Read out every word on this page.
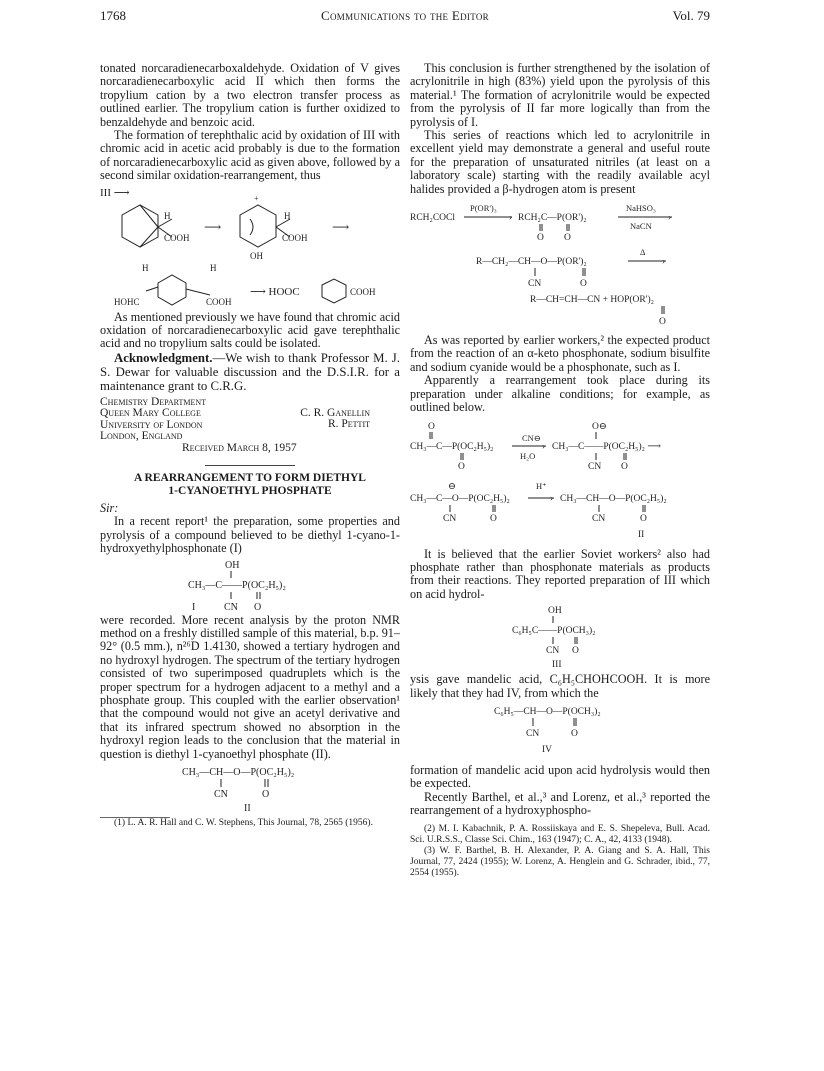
1768	Communications to the Editor	Vol. 79

tonated norcaradienecarboxaldehyde. Oxidation of V gives norcaradienecarboxylic acid II which then forms the tropylium cation by a two electron transfer process as outlined earlier. The tropylium cation is further oxidized to benzaldehyde and benzoic acid.

The formation of terephthalic acid by oxidation of III with chromic acid in acetic acid probably is due to the formation of norcaradienecarboxylic acid as given above, followed by a second similar oxidation-rearrangement, thus

III ⟶
H
COOH
⟶
+
H
COOH
OH
⟶
H	H
HOHC	COOH
⟶ HOOC	COOH

As mentioned previously we have found that chromic acid oxidation of norcaradienecarboxylic acid gave terephthalic acid and no tropylium salts could be isolated.

Acknowledgment.—We wish to thank Professor M. J. S. Dewar for valuable discussion and the D.S.I.R. for a maintenance grant to C.R.G.

Chemistry Department
Queen Mary College
University of London
London, England
C. R. Ganellin
R. Pettit
Received March 8, 1957
A REARRANGEMENT TO FORM DIETHYL
1-CYANOETHYL PHOSPHATE

Sir:

In a recent report¹ the preparation, some properties and pyrolysis of a compound believed to be diethyl 1-cyano-1-hydroxyethylphosphonate (I)

OH
CH₃—C——P(OC₂H₅)₂
I	CN O

were recorded. More recent analysis by the proton NMR method on a freshly distilled sample of this material, b.p. 91–92° (0.5 mm.), n²⁶D 1.4130, showed a tertiary hydrogen and no hydroxyl hydrogen. The spectrum of the tertiary hydrogen consisted of two superimposed quadruplets which is the proper spectrum for a hydrogen adjacent to a methyl and a phosphate group. This coupled with the earlier observation¹ that the compound would not give an acetyl derivative and that its infrared spectrum showed no absorption in the hydroxyl region leads to the conclusion that the material in question is diethyl 1-cyanoethyl phosphate (II).

CH₃—CH—O—P(OC₂H₅)₂
CN	O
II

(1) L. A. R. Hall and C. W. Stephens, This Journal, 78, 2565 (1956).

This conclusion is further strengthened by the isolation of acrylonitrile in high (83%) yield upon the pyrolysis of this material.¹ The formation of acrylonitrile would be expected from the pyrolysis of II far more logically than from the pyrolysis of I.

This series of reactions which led to acrylonitrile in excellent yield may demonstrate a general and useful route for the preparation of unsaturated nitriles (at least on a laboratory scale) starting with the readily available acyl halides provided a β-hydrogen atom is present

RCH₂COCl
P(OR')₃
› RCH₂C—P(OR')₂
O O
NaHSO₃
›
NaCN
R—CH₂—CH—O—P(OR')₂
Δ
›
CN	O
R—CH=CH—CN + HOP(OR')₂
O

As was reported by earlier workers,² the expected product from the reaction of an α-keto phosphonate, sodium bisulfite and sodium cyanide would be a phosphonate, such as I.

Apparently a rearrangement took place during its preparation under alkaline conditions; for example, as outlined below.

O
CH₃—C—P(OC₂H₅)₂
O
CN⊖
›
H₂O
O⊖
CH₃—C——P(OC₂H₅)₂ ⟶
CN O
⊖
CH₃—C—O—P(OC₂H₅)₂
H⁺
› CH₃—CH—O—P(OC₂H₅)₂
CN	O	CN	O
II

It is believed that the earlier Soviet workers² also had phosphate rather than phosphonate materials as products from their reactions. They reported preparation of III which on acid hydrol-

OH
C₆H₅C——P(OCH₃)₂
CN O
III

ysis gave mandelic acid, C₆H₅CHOHCOOH. It is more likely that they had IV, from which the

C₆H₅—CH—O—P(OCH₃)₂
CN	O
IV

formation of mandelic acid upon acid hydrolysis would then be expected.

Recently Barthel, et al.,³ and Lorenz, et al.,³ reported the rearrangement of a hydroxyphospho-

(2) M. I. Kabachnik, P. A. Rossiiskaya and E. S. Shepeleva, Bull. Acad. Sci. U.R.S.S., Classe Sci. Chim., 163 (1947); C. A., 42, 4133 (1948).

(3) W. F. Barthel, B. H. Alexander, P. A. Giang and S. A. Hall, This Journal, 77, 2424 (1955); W. Lorenz, A. Henglein and G. Schrader, ibid., 77, 2554 (1955).
